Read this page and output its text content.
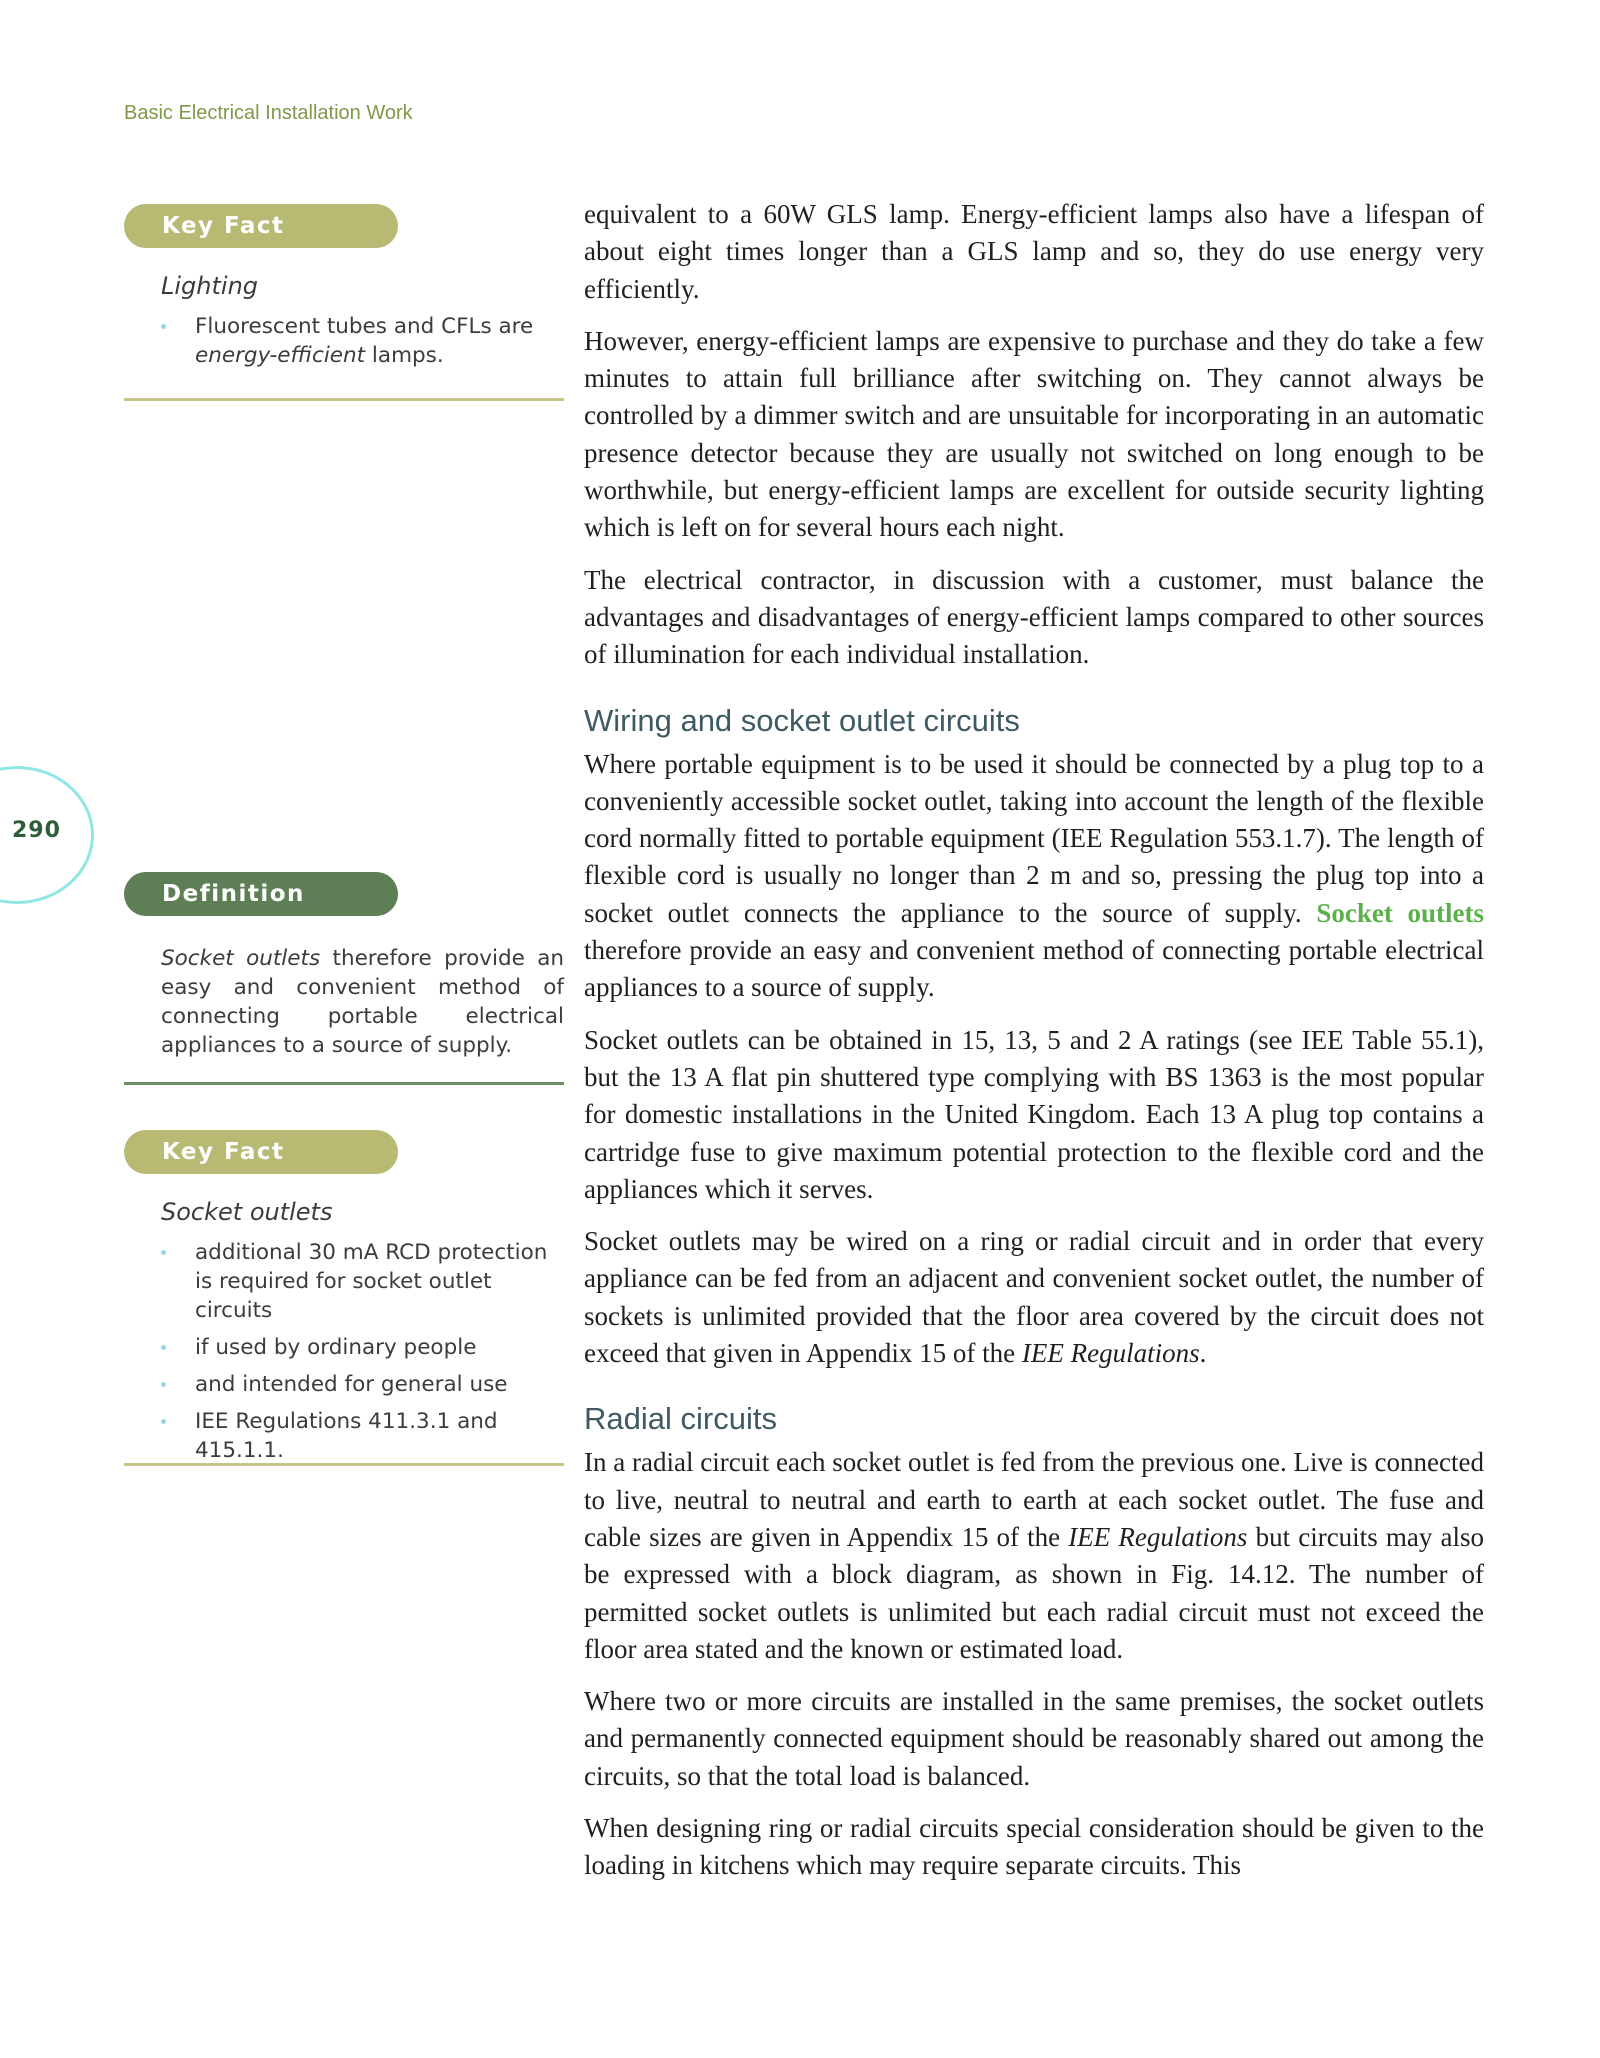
Basic Electrical Installation Work
290
Key Fact
Lighting
Fluorescent tubes and CFLs are energy-efficient lamps.
Definition
Socket outlets therefore provide an easy and convenient method of connecting portable electrical appliances to a source of supply.
Key Fact
Socket outlets
additional 30 mA RCD protection is required for socket outlet circuits
if used by ordinary people
and intended for general use
IEE Regulations 411.3.1 and 415.1.1.

equivalent to a 60W GLS lamp. Energy-efficient lamps also have a lifespan of about eight times longer than a GLS lamp and so, they do use energy very efficiently.

However, energy-efficient lamps are expensive to purchase and they do take a few minutes to attain full brilliance after switching on. They cannot always be controlled by a dimmer switch and are unsuitable for incorporating in an automatic presence detector because they are usually not switched on long enough to be worthwhile, but energy-efficient lamps are excellent for outside security lighting which is left on for several hours each night.

The electrical contractor, in discussion with a customer, must balance the advantages and disadvantages of energy-efficient lamps compared to other sources of illumination for each individual installation.

Wiring and socket outlet circuits

Where portable equipment is to be used it should be connected by a plug top to a conveniently accessible socket outlet, taking into account the length of the flexible cord normally fitted to portable equipment (IEE Regulation 553.1.7). The length of flexible cord is usually no longer than 2 m and so, pressing the plug top into a socket outlet connects the appliance to the source of supply. Socket outlets therefore provide an easy and convenient method of connecting portable electrical appliances to a source of supply.

Socket outlets can be obtained in 15, 13, 5 and 2 A ratings (see IEE Table 55.1), but the 13 A flat pin shuttered type complying with BS 1363 is the most popular for domestic installations in the United Kingdom. Each 13 A plug top contains a cartridge fuse to give maximum potential protection to the flexible cord and the appliances which it serves.

Socket outlets may be wired on a ring or radial circuit and in order that every appliance can be fed from an adjacent and convenient socket outlet, the number of sockets is unlimited provided that the floor area covered by the circuit does not exceed that given in Appendix 15 of the IEE Regulations.

Radial circuits

In a radial circuit each socket outlet is fed from the previous one. Live is connected to live, neutral to neutral and earth to earth at each socket outlet. The fuse and cable sizes are given in Appendix 15 of the IEE Regulations but circuits may also be expressed with a block diagram, as shown in Fig. 14.12. The number of permitted socket outlets is unlimited but each radial circuit must not exceed the floor area stated and the known or estimated load.

Where two or more circuits are installed in the same premises, the socket outlets and permanently connected equipment should be reasonably shared out among the circuits, so that the total load is balanced.

When designing ring or radial circuits special consideration should be given to the loading in kitchens which may require separate circuits. This
